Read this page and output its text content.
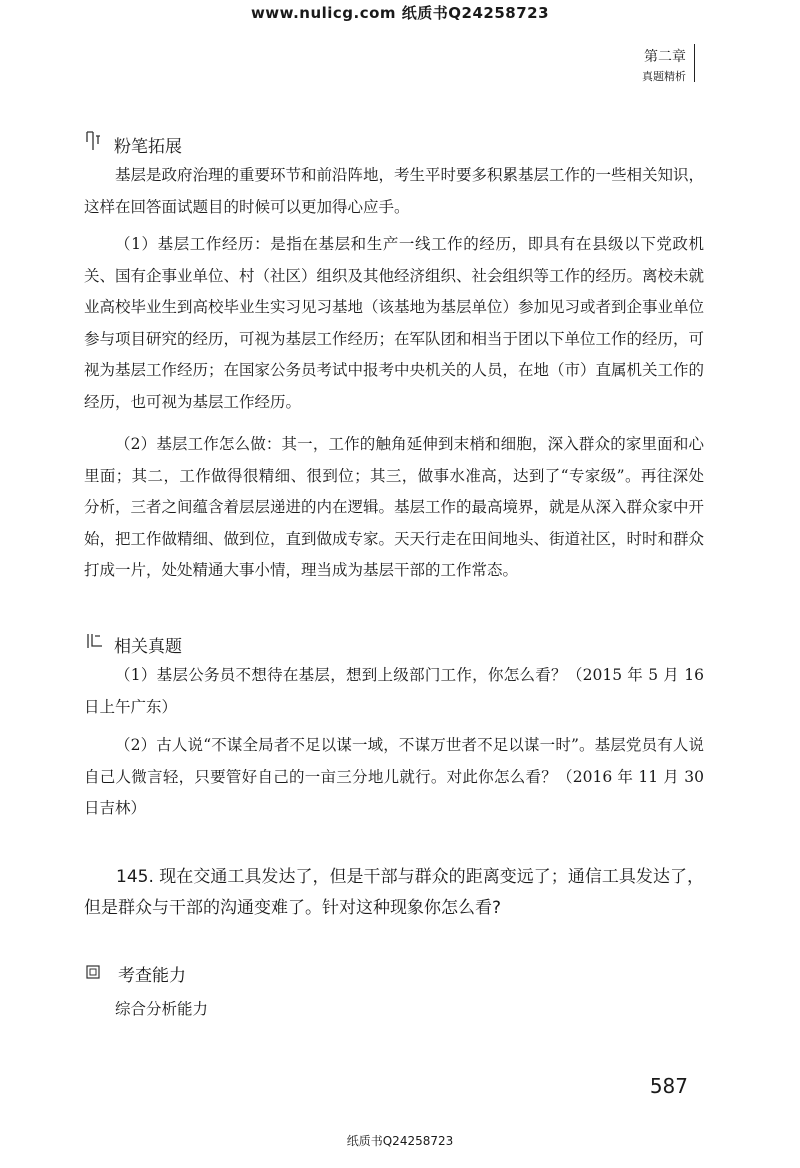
www.nulicg.com 纸质书Q24258723
第二章
真题精析
粉笔拓展
基层是政府治理的重要环节和前沿阵地，考生平时要多积累基层工作的一些相关知识，这样在回答面试题目的时候可以更加得心应手。
（1）基层工作经历：是指在基层和生产一线工作的经历，即具有在县级以下党政机关、国有企事业单位、村（社区）组织及其他经济组织、社会组织等工作的经历。离校未就业高校毕业生到高校毕业生实习见习基地（该基地为基层单位）参加见习或者到企事业单位参与项目研究的经历，可视为基层工作经历；在军队团和相当于团以下单位工作的经历，可视为基层工作经历；在国家公务员考试中报考中央机关的人员，在地（市）直属机关工作的经历，也可视为基层工作经历。
（2）基层工作怎么做：其一，工作的触角延伸到末梢和细胞，深入群众的家里面和心里面；其二，工作做得很精细、很到位；其三，做事水准高，达到了“专家级”。再往深处分析，三者之间蕴含着层层递进的内在逻辑。基层工作的最高境界，就是从深入群众家中开始，把工作做精细、做到位，直到做成专家。天天行走在田间地头、街道社区，时时和群众打成一片，处处精通大事小情，理当成为基层干部的工作常态。
相关真题
（1）基层公务员不想待在基层，想到上级部门工作，你怎么看？（2015 年 5 月 16 日上午广东）
（2）古人说“不谋全局者不足以谋一域，不谋万世者不足以谋一时”。基层党员有人说自己人微言轻，只要管好自己的一亩三分地儿就行。对此你怎么看？（2016 年 11 月 30 日吉林）
145. 现在交通工具发达了，但是干部与群众的距离变远了；通信工具发达了，但是群众与干部的沟通变难了。针对这种现象你怎么看?
考查能力
综合分析能力
587
纸质书Q24258723
